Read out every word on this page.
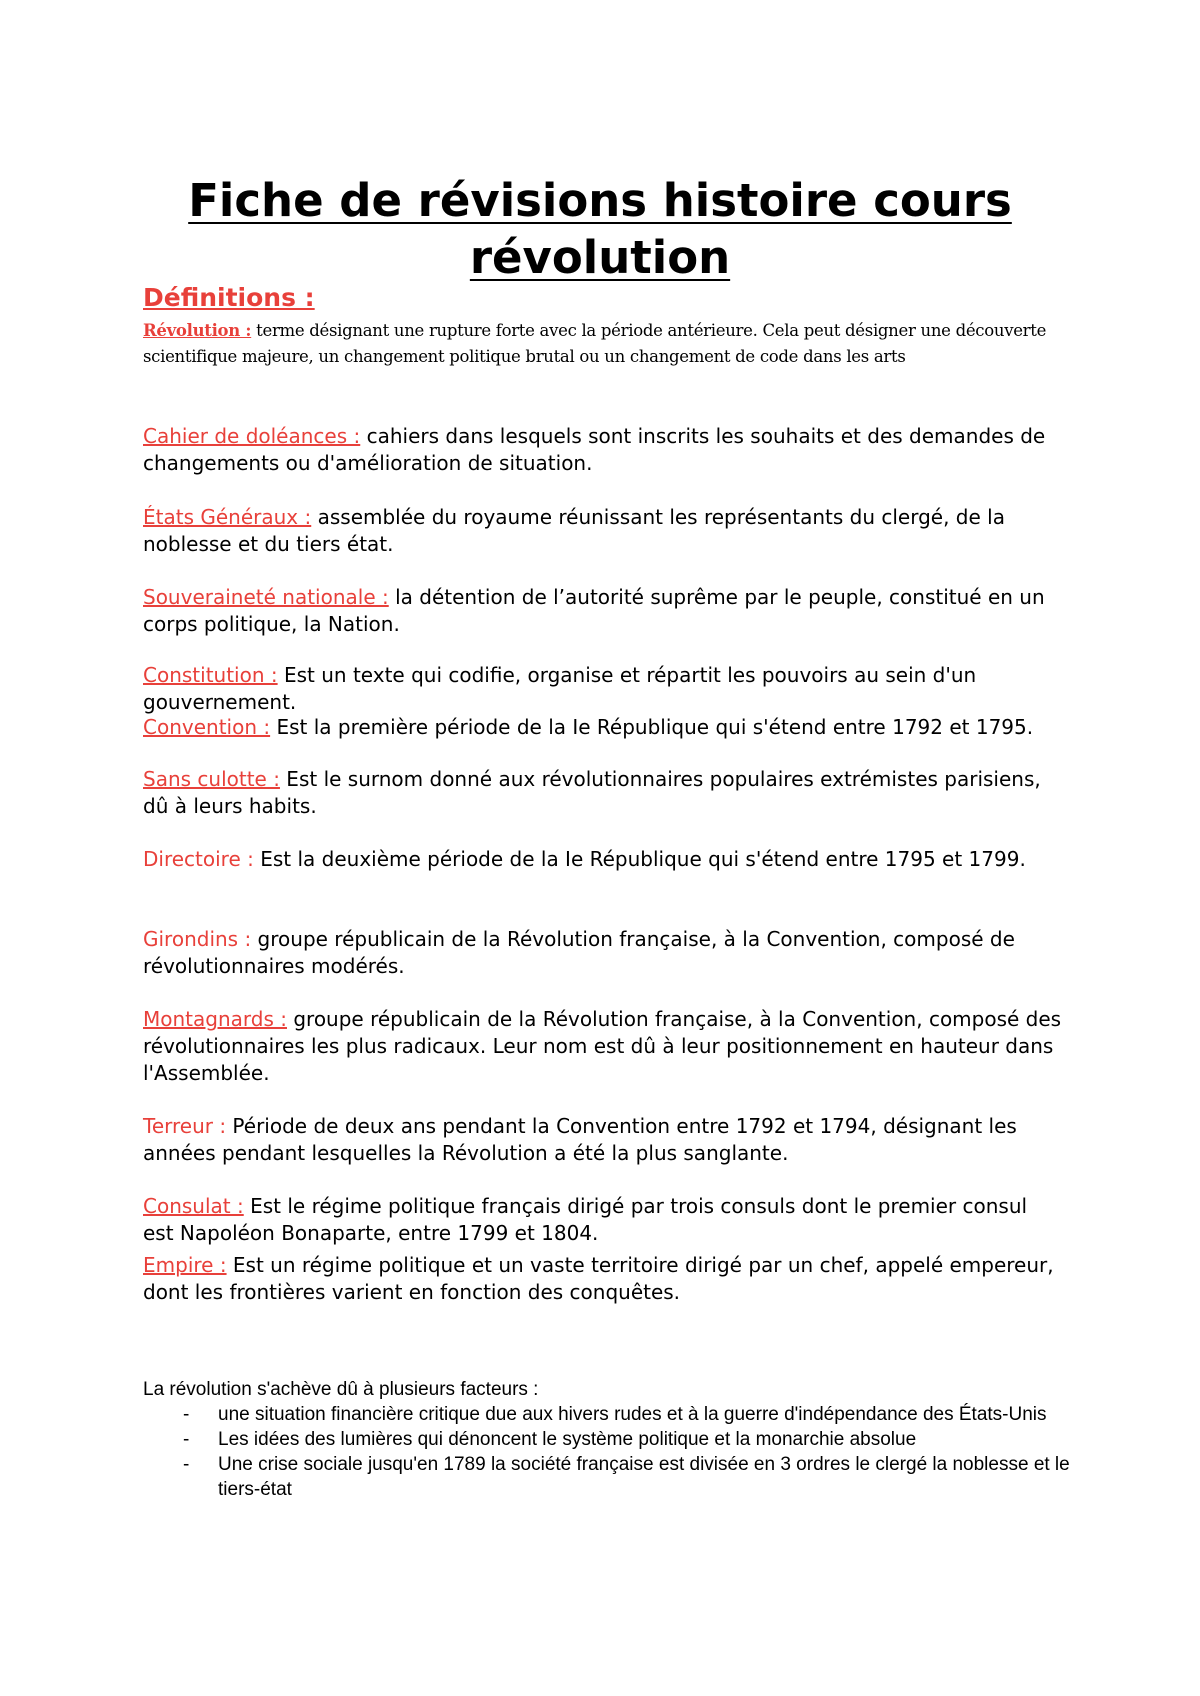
Fiche de révisions histoire cours révolution
Définitions :

Révolution : terme désignant une rupture forte avec la période antérieure. Cela peut désigner une découverte scientifique majeure, un changement politique brutal ou un changement de code dans les arts

Cahier de doléances : cahiers dans lesquels sont inscrits les souhaits et des demandes de changements ou d'amélioration de situation.

États Généraux : assemblée du royaume réunissant les représentants du clergé, de la noblesse et du tiers état.

Souveraineté nationale : la détention de l’autorité suprême par le peuple, constitué en un corps politique, la Nation.

Constitution : Est un texte qui codifie, organise et répartit les pouvoirs au sein d'un gouvernement.

Convention : Est la première période de la Ie République qui s'étend entre 1792 et 1795.

Sans culotte : Est le surnom donné aux révolutionnaires populaires extrémistes parisiens, dû à leurs habits.

Directoire : Est la deuxième période de la Ie République qui s'étend entre 1795 et 1799.

Girondins : groupe républicain de la Révolution française, à la Convention, composé de révolutionnaires modérés.

Montagnards : groupe républicain de la Révolution française, à la Convention, composé des révolutionnaires les plus radicaux. Leur nom est dû à leur positionnement en hauteur dans l'Assemblée.

Terreur : Période de deux ans pendant la Convention entre 1792 et 1794, désignant les années pendant lesquelles la Révolution a été la plus sanglante.

Consulat : Est le régime politique français dirigé par trois consuls dont le premier consul est Napoléon Bonaparte, entre 1799 et 1804.

Empire : Est un régime politique et un vaste territoire dirigé par un chef, appelé empereur, dont les frontières varient en fonction des conquêtes.

La révolution s'achève dû à plusieurs facteurs :

- une situation financière critique due aux hivers rudes et à la guerre d'indépendance des États-Unis
- Les idées des lumières qui dénoncent le système politique et la monarchie absolue
- Une crise sociale jusqu'en 1789 la société française est divisée en 3 ordres le clergé la noblesse et le tiers-état
